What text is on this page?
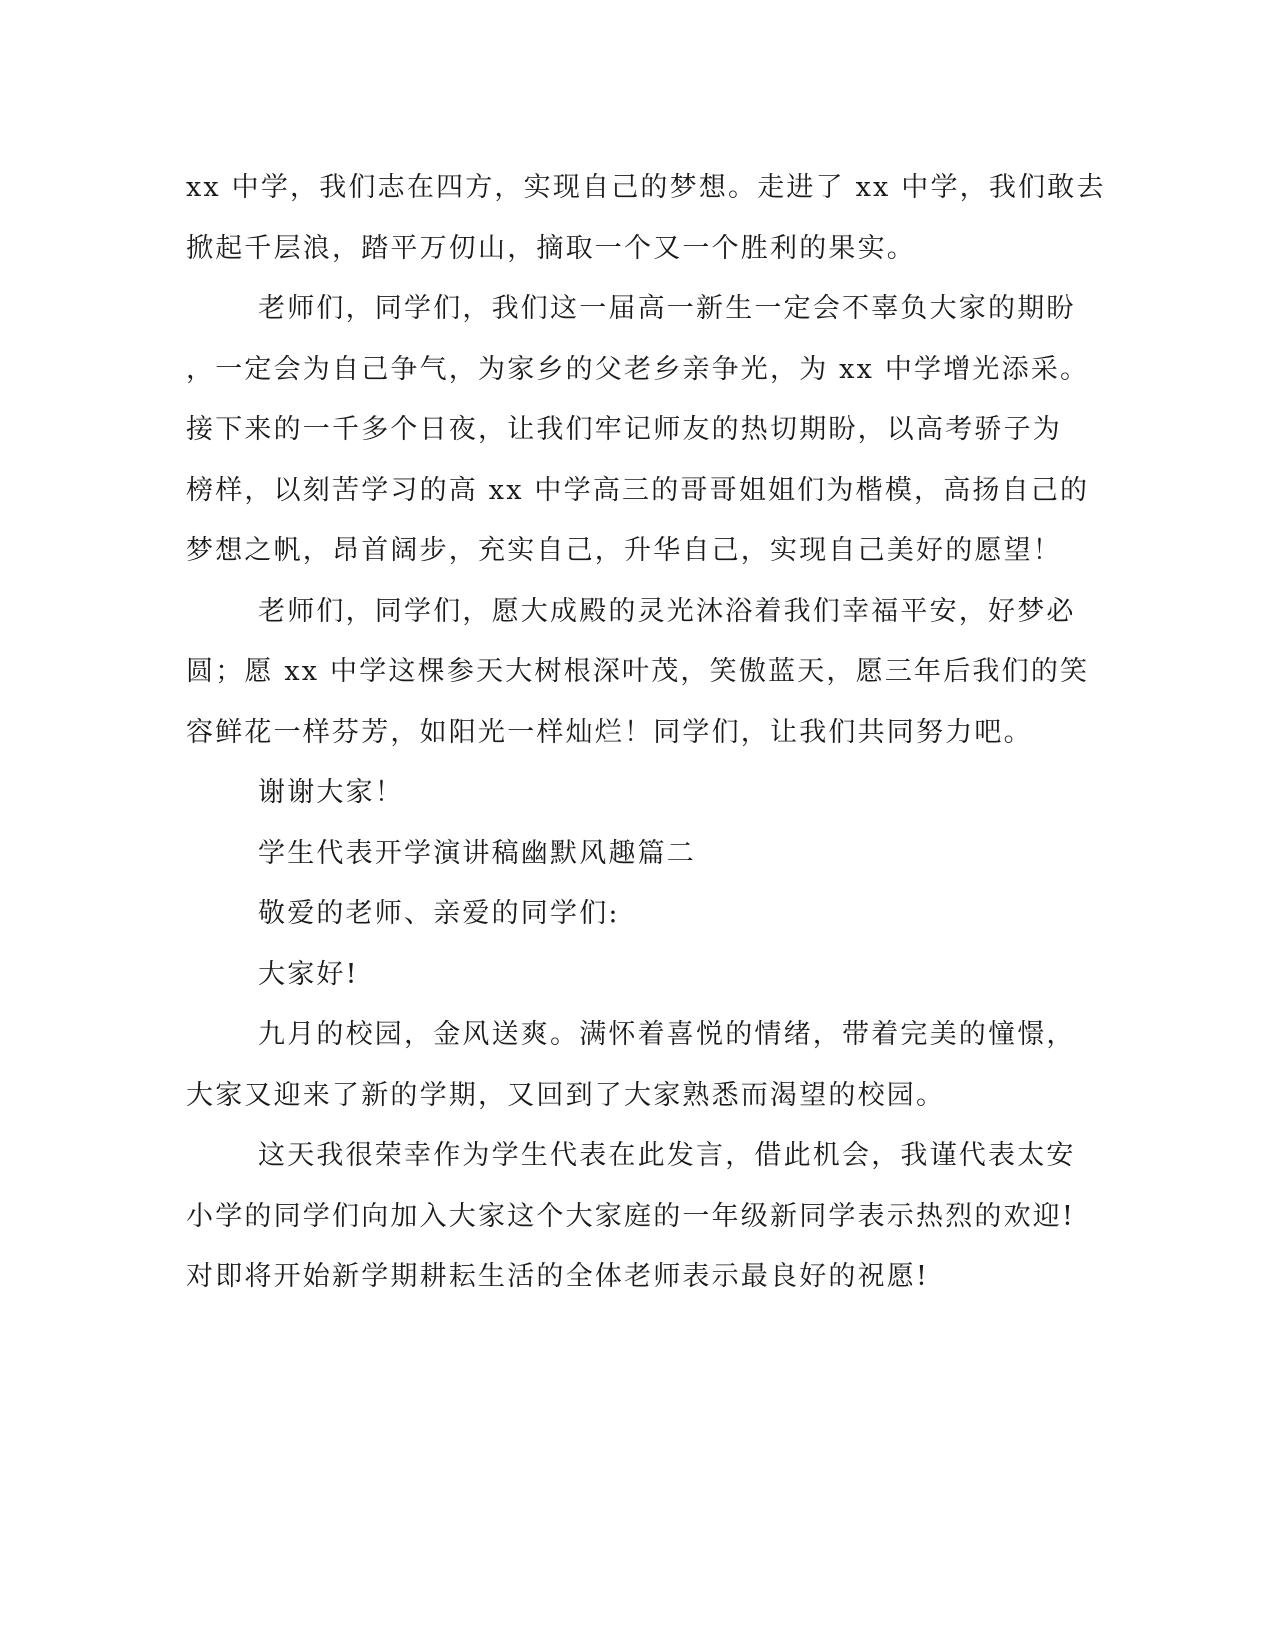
xx 中学，我们志在四方，实现自己的梦想。走进了 xx 中学，我们敢去
掀起千层浪，踏平万仞山，摘取一个又一个胜利的果实。
老师们，同学们，我们这一届高一新生一定会不辜负大家的期盼
，一定会为自己争气，为家乡的父老乡亲争光，为 xx 中学增光添采。
接下来的一千多个日夜，让我们牢记师友的热切期盼，以高考骄子为
榜样，以刻苦学习的高 xx 中学高三的哥哥姐姐们为楷模，高扬自己的
梦想之帆，昂首阔步，充实自己，升华自己，实现自己美好的愿望！
老师们，同学们，愿大成殿的灵光沐浴着我们幸福平安，好梦必
圆；愿 xx 中学这棵参天大树根深叶茂，笑傲蓝天，愿三年后我们的笑
容鲜花一样芬芳，如阳光一样灿烂！同学们，让我们共同努力吧。
谢谢大家！
学生代表开学演讲稿幽默风趣篇二
敬爱的老师、亲爱的同学们:
大家好!
九月的校园，金风送爽。满怀着喜悦的情绪，带着完美的憧憬，
大家又迎来了新的学期，又回到了大家熟悉而渴望的校园。
这天我很荣幸作为学生代表在此发言，借此机会，我谨代表太安
小学的同学们向加入大家这个大家庭的一年级新同学表示热烈的欢迎!
对即将开始新学期耕耘生活的全体老师表示最良好的祝愿!
